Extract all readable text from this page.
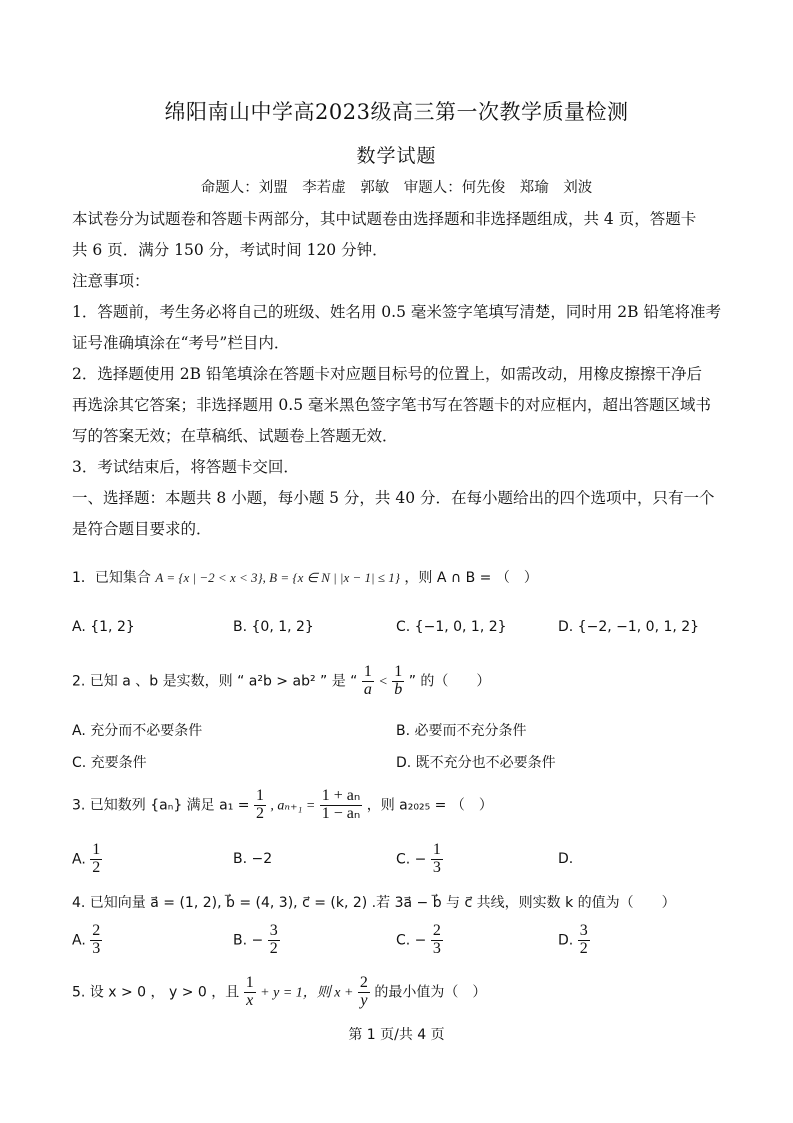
绵阳南山中学高2023级高三第一次教学质量检测
数学试题
命题人：刘盟　李若虚　郭敏　审题人：何先俊　郑瑜　刘波
本试卷分为试题卷和答题卡两部分，其中试题卷由选择题和非选择题组成，共 4 页，答题卡
共 6 页．满分 150 分，考试时间 120 分钟．
注意事项：
1．答题前，考生务必将自己的班级、姓名用 0.5 毫米签字笔填写清楚，同时用 2B 铅笔将准考
证号准确填涂在“考号”栏目内．
2．选择题使用 2B 铅笔填涂在答题卡对应题目标号的位置上，如需改动，用橡皮擦擦干净后
再选涂其它答案；非选择题用 0.5 毫米黑色签字笔书写在答题卡的对应框内，超出答题区域书
写的答案无效；在草稿纸、试题卷上答题无效．
3．考试结束后，将答题卡交回．
一、选择题：本题共 8 小题，每小题 5 分，共 40 分．在每小题给出的四个选项中，只有一个
是符合题目要求的．
1．已知集合 A = {x | −2 < x < 3}, B = {x ∈ N | |x − 1| ≤ 1} ，则 A ∩ B = （　）
A. {1, 2}	B. {0, 1, 2}	C. {−1, 0, 1, 2}	D. {−2, −1, 0, 1, 2}
2. 已知 a 、b 是实数，则 “ a²b > ab² ” 是 “ $\frac{1}{a} < \frac{1}{b}$ ” 的（　　）
A. 充分而不必要条件	B. 必要而不充分条件
C. 充要条件	D. 既不充分也不必要条件
3. 已知数列 {aₙ} 满足 $a_1 = \frac{1}{2}$ , $a_{n+1} = \frac{\text{1 + aₙ}}{\text{1 − aₙ}}$ ，则 a₂₀₂₅ = （　）
A. $\frac{1}{2}$	B. −2	C. − $\frac{1}{3}$	D.
4. 已知向量 a⃗ = (1, 2), b⃗ = (4, 3), c⃗ = (k, 2) .若 3a⃗ − b⃗ 与 c⃗ 共线，则实数 k 的值为（　　）
A. $\frac{2}{3}$	B. − $\frac{3}{2}$	C. − $\frac{2}{3}$	D. $\frac{3}{2}$
5. 设 x > 0 ， y > 0 ，且 $\frac{1}{x} + y = 1$，则 $x + \frac{2}{y}$ 的最小值为（　）
第 1 页/共 4 页
